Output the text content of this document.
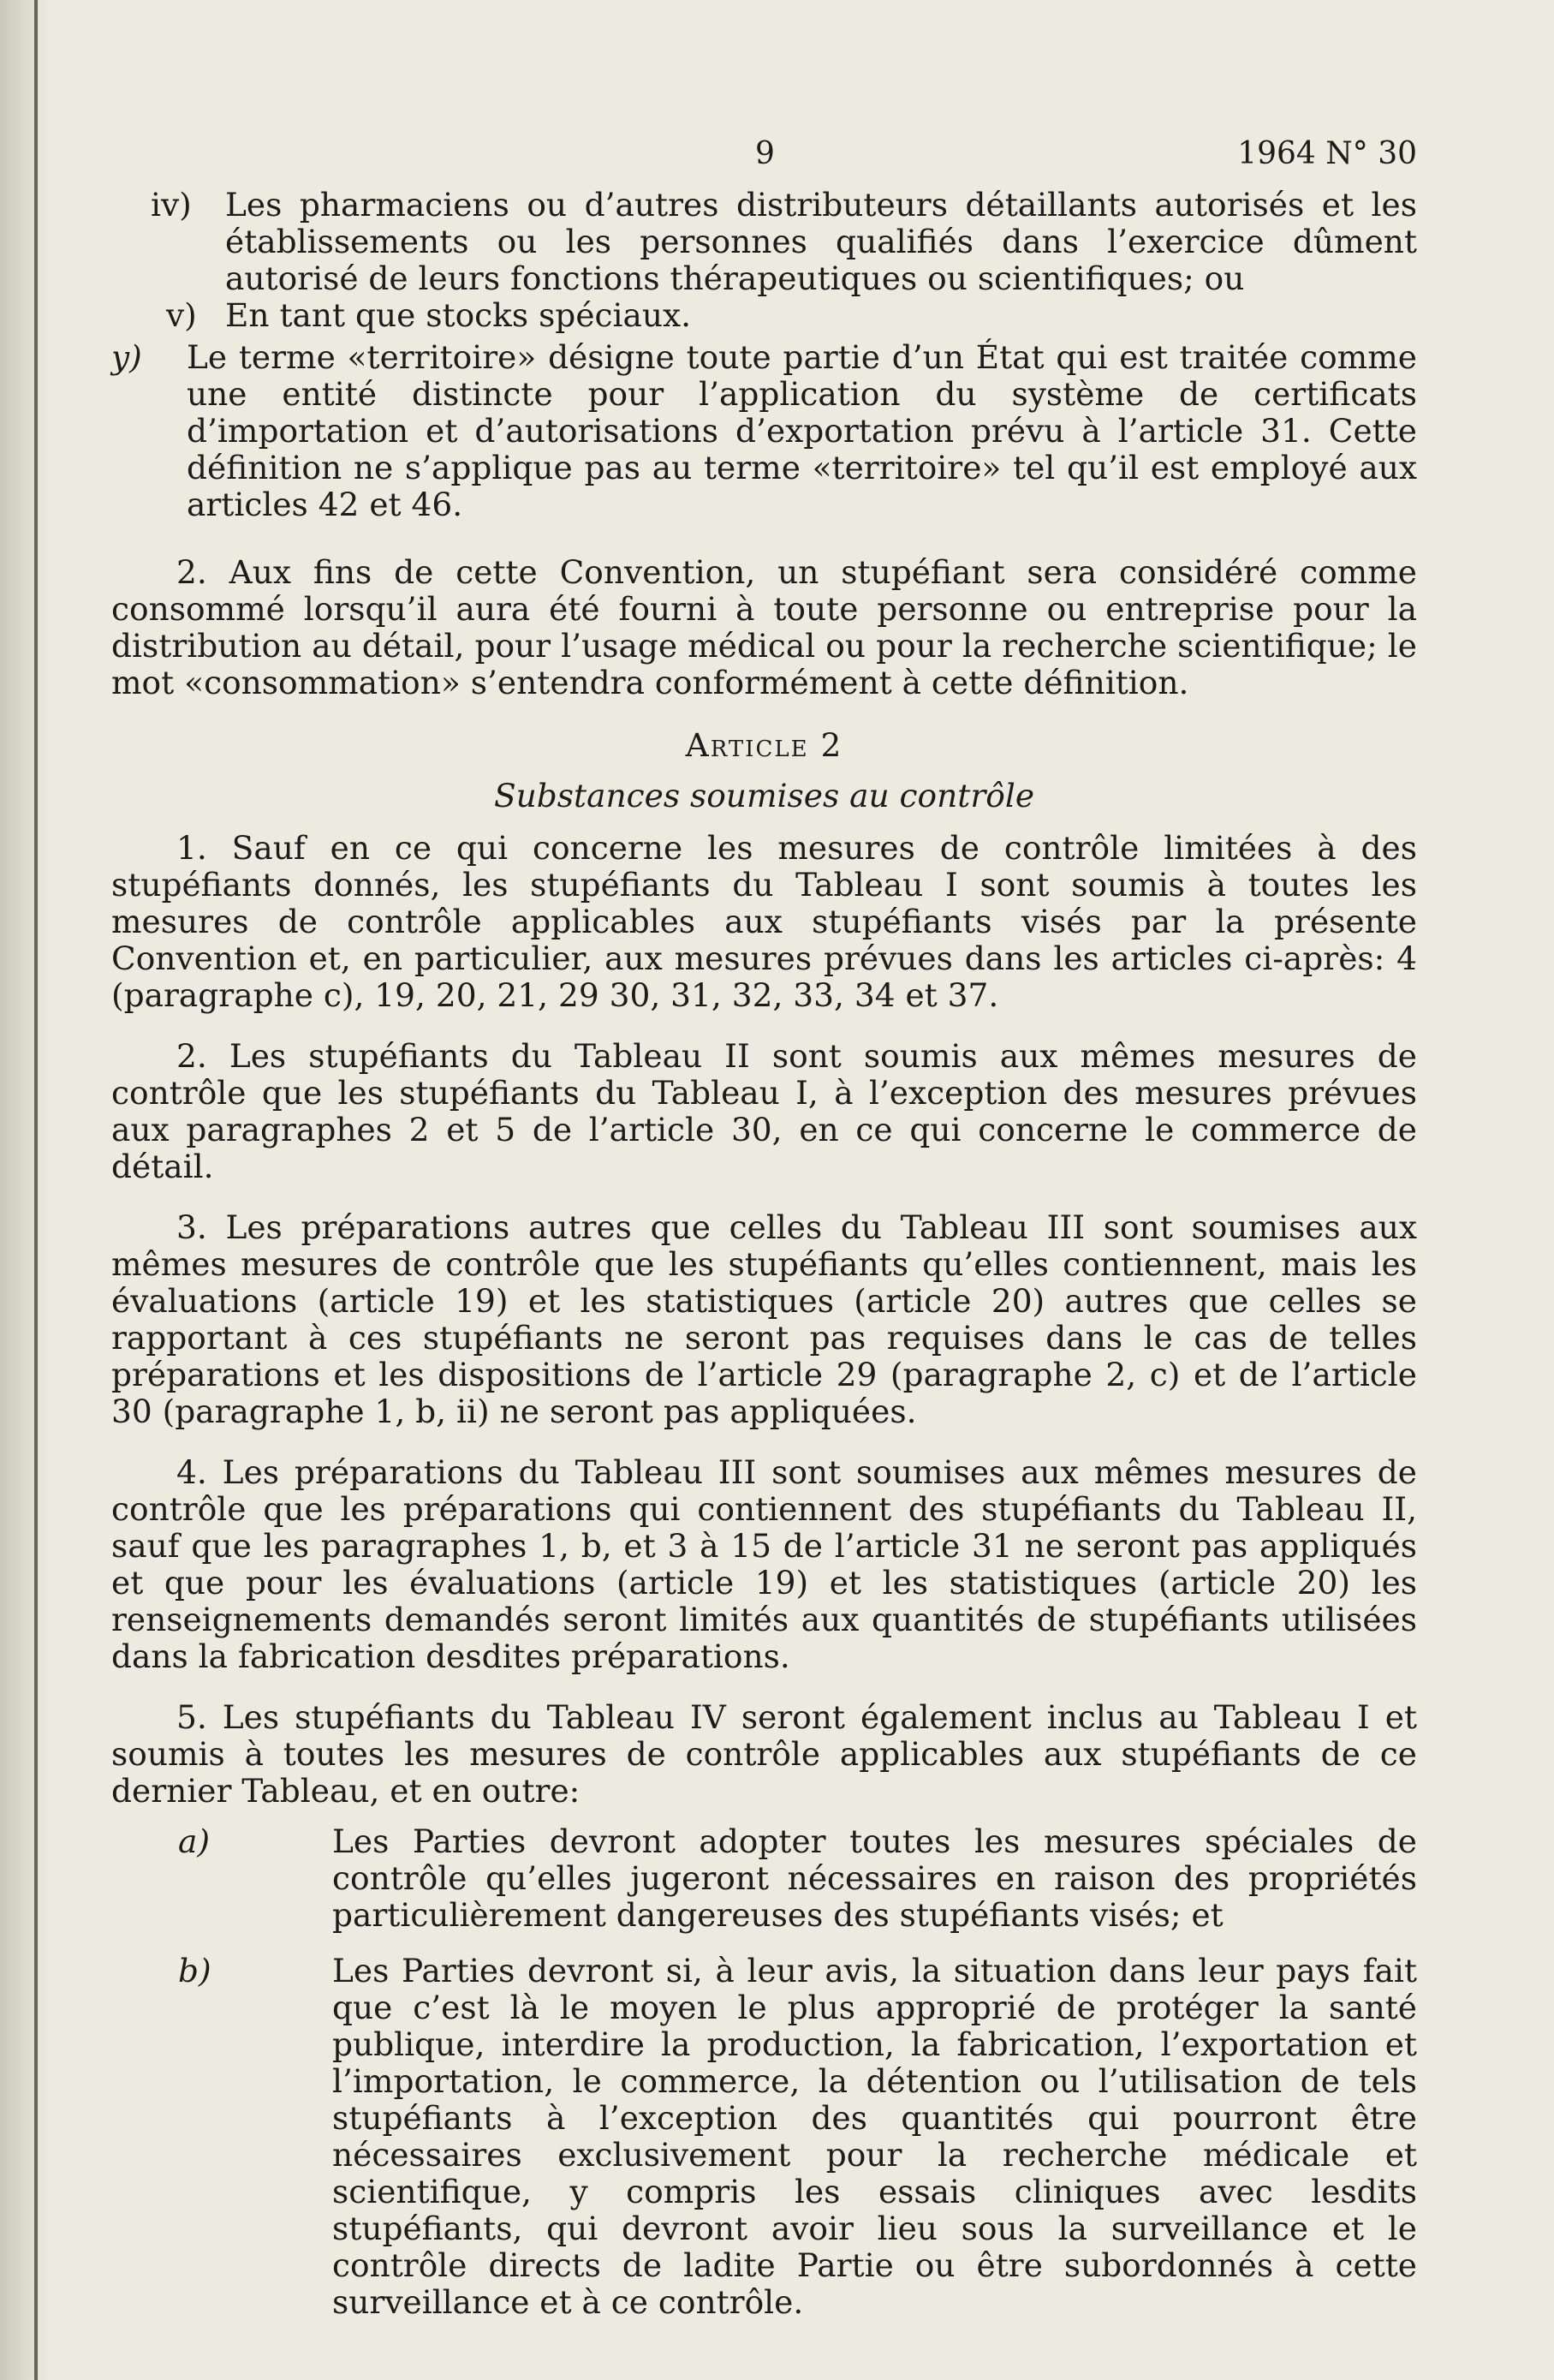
9	1964 N° 30
iv) Les pharmaciens ou d’autres distributeurs détaillants autorisés et les établissements ou les personnes qualifiés dans l’exercice dûment autorisé de leurs fonctions thérapeutiques ou scientifiques; ou

v) En tant que stocks spéciaux.

y) Le terme «territoire» désigne toute partie d’un État qui est traitée comme une entité distincte pour l’application du système de certificats d’importation et d’autorisations d’exportation prévu à l’article 31. Cette définition ne s’applique pas au terme «territoire» tel qu’il est employé aux articles 42 et 46.

2. Aux fins de cette Convention, un stupéfiant sera considéré comme consommé lorsqu’il aura été fourni à toute personne ou entreprise pour la distribution au détail, pour l’usage médical ou pour la recherche scientifique; le mot «consommation» s’entendra conformément à cette définition.

Article 2
Substances soumises au contrôle

1. Sauf en ce qui concerne les mesures de contrôle limitées à des stupéfiants donnés, les stupéfiants du Tableau I sont soumis à toutes les mesures de contrôle applicables aux stupéfiants visés par la présente Convention et, en particulier, aux mesures prévues dans les articles ci-après: 4 (paragraphe c), 19, 20, 21, 29 30, 31, 32, 33, 34 et 37.

2. Les stupéfiants du Tableau II sont soumis aux mêmes mesures de contrôle que les stupéfiants du Tableau I, à l’exception des mesures prévues aux paragraphes 2 et 5 de l’article 30, en ce qui concerne le commerce de détail.

3. Les préparations autres que celles du Tableau III sont soumises aux mêmes mesures de contrôle que les stupéfiants qu’elles contiennent, mais les évaluations (article 19) et les statistiques (article 20) autres que celles se rapportant à ces stupéfiants ne seront pas requises dans le cas de telles préparations et les dispositions de l’article 29 (paragraphe 2, c) et de l’article 30 (paragraphe 1, b, ii) ne seront pas appliquées.

4. Les préparations du Tableau III sont soumises aux mêmes mesures de contrôle que les préparations qui contiennent des stupéfiants du Tableau II, sauf que les paragraphes 1, b, et 3 à 15 de l’article 31 ne seront pas appliqués et que pour les évaluations (article 19) et les statistiques (article 20) les renseignements demandés seront limités aux quantités de stupéfiants utilisées dans la fabrication desdites préparations.

5. Les stupéfiants du Tableau IV seront également inclus au Tableau I et soumis à toutes les mesures de contrôle applicables aux stupéfiants de ce dernier Tableau, et en outre:

a)	Les Parties devront adopter toutes les mesures spéciales de contrôle qu’elles jugeront nécessaires en raison des propriétés particulièrement dangereuses des stupéfiants visés; et

b)	Les Parties devront si, à leur avis, la situation dans leur pays fait que c’est là le moyen le plus approprié de protéger la santé publique, interdire la production, la fabrication, l’exportation et l’importation, le commerce, la détention ou l’utilisation de tels stupéfiants à l’exception des quantités qui pourront être nécessaires exclusivement pour la recherche médicale et scientifique, y compris les essais cliniques avec lesdits stupéfiants, qui devront avoir lieu sous la surveillance et le contrôle directs de ladite Partie ou être subordonnés à cette surveillance et à ce contrôle.
